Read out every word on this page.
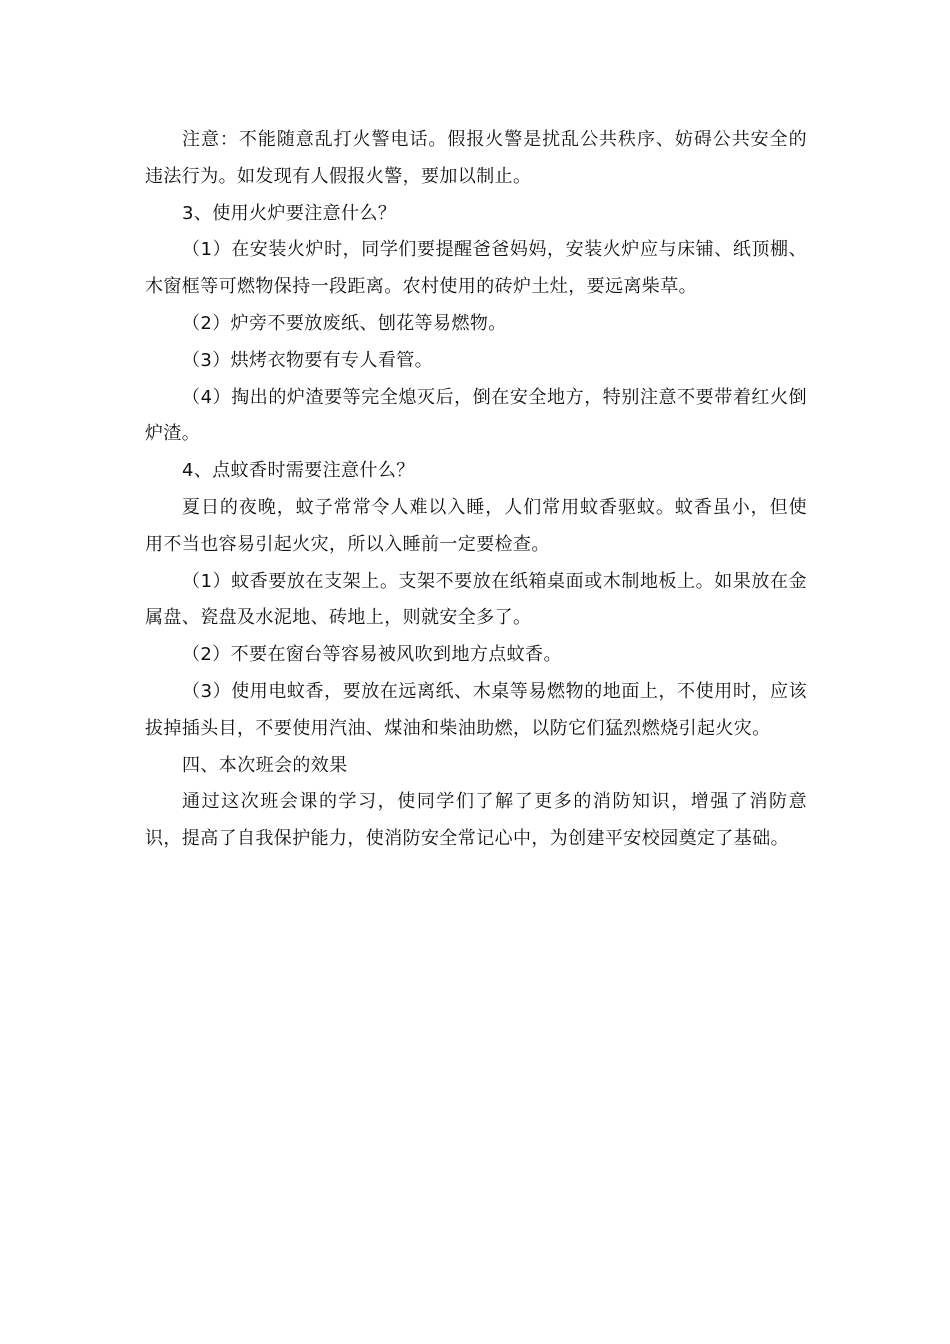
注意：不能随意乱打火警电话。假报火警是扰乱公共秩序、妨碍公共安全的违法行为。如发现有人假报火警，要加以制止。

3、使用火炉要注意什么？

（1）在安装火炉时，同学们要提醒爸爸妈妈，安装火炉应与床铺、纸顶棚、木窗框等可燃物保持一段距离。农村使用的砖炉土灶，要远离柴草。

（2）炉旁不要放废纸、刨花等易燃物。

（3）烘烤衣物要有专人看管。

（4）掏出的炉渣要等完全熄灭后，倒在安全地方，特别注意不要带着红火倒炉渣。

4、点蚊香时需要注意什么？

夏日的夜晚，蚊子常常令人难以入睡，人们常用蚊香驱蚊。蚊香虽小，但使用不当也容易引起火灾，所以入睡前一定要检查。

（1）蚊香要放在支架上。支架不要放在纸箱桌面或木制地板上。如果放在金属盘、瓷盘及水泥地、砖地上，则就安全多了。

（2）不要在窗台等容易被风吹到地方点蚊香。

（3）使用电蚊香，要放在远离纸、木桌等易燃物的地面上，不使用时，应该拔掉插头目，不要使用汽油、煤油和柴油助燃，以防它们猛烈燃烧引起火灾。

四、本次班会的效果

通过这次班会课的学习，使同学们了解了更多的消防知识，增强了消防意识，提高了自我保护能力，使消防安全常记心中，为创建平安校园奠定了基础。
